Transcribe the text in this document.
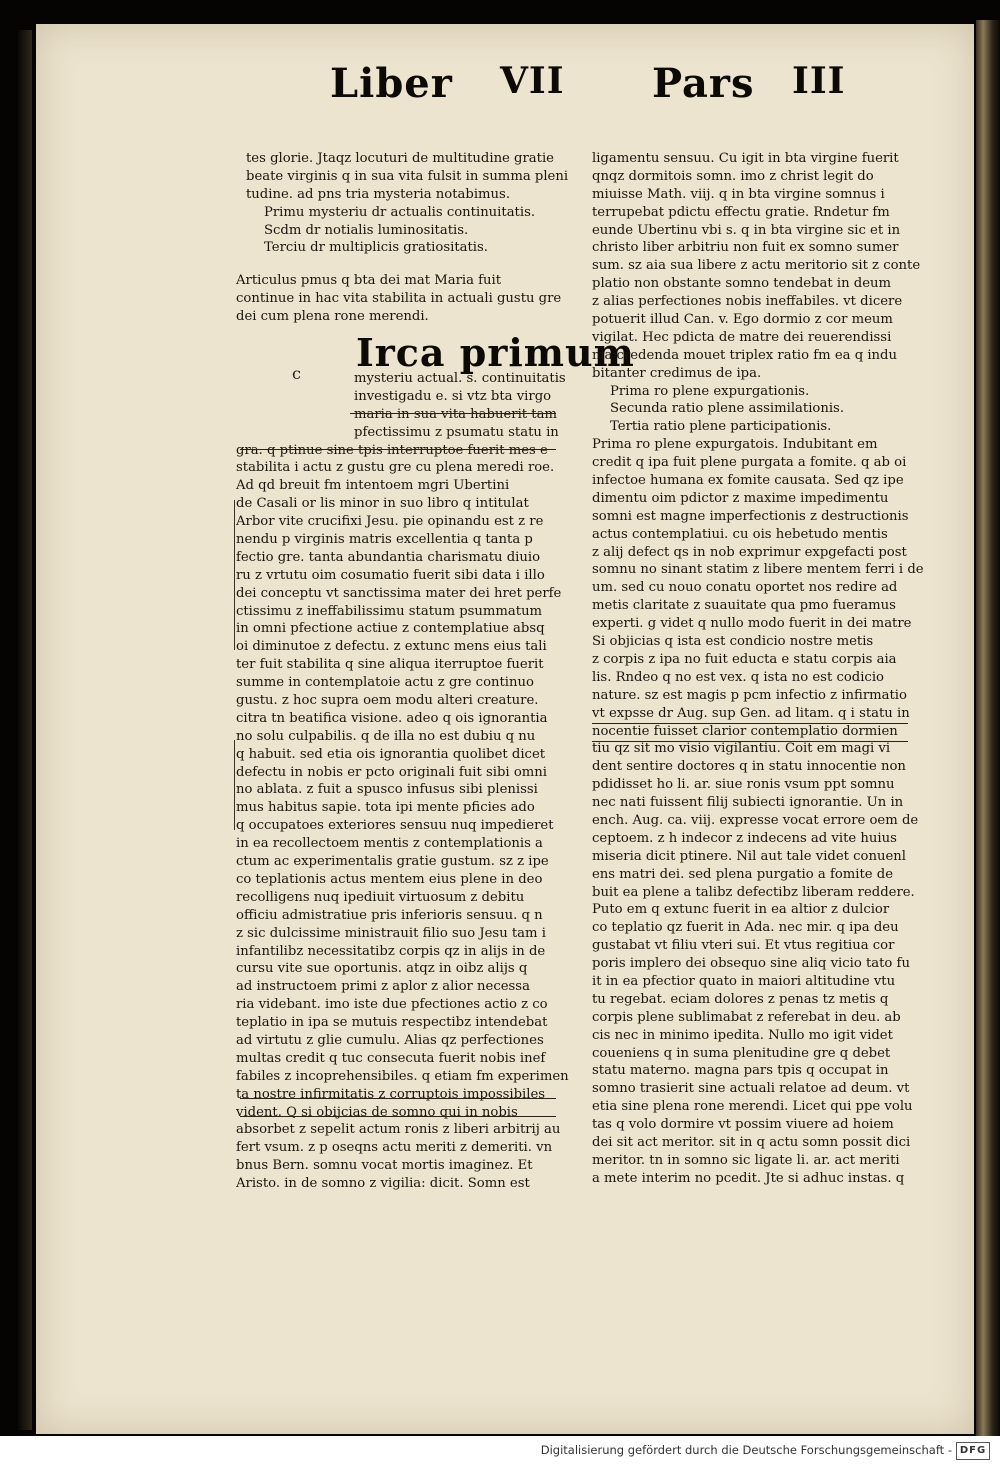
Liber VII Pars III
tes glorie. Jtaqz locuturi de multitudine gratie
beate virginis q in sua vita fulsit in summa pleni
tudine. ad pns tria mysteria notabimus.
Primu mysteriu dr actualis continuitatis.
Scdm dr notialis luminositatis.
Terciu dr multiplicis gratiositatis.
Articulus pmus q bta dei mat Maria fuit
continue in hac vita stabilita in actuali gustu gre
dei cum plena rone merendi.
Irca primum
c	mysteriu actual. s. continuitatis
investigadu e. si vtz bta virgo
maria in sua vita habuerit tam
pfectissimu z psumatu statu in
gra. q ptinue sine tpis interruptoe fuerit mes e
stabilita i actu z gustu gre cu plena meredi roe.
Ad qd breuit fm intentoem mgri Ubertini
de Casali or lis minor in suo libro q intitulat
Arbor vite crucifixi Jesu. pie opinandu est z re
nendu p virginis matris excellentia q tanta p
fectio gre. tanta abundantia charismatu diuio
ru z vrtutu oim cosumatio fuerit sibi data i illo
dei conceptu vt sanctissima mater dei hret perfe
ctissimu z ineffabilissimu statum psummatum
in omni pfectione actiue z contemplatiue absq
oi diminutoe z defectu. z extunc mens eius tali
ter fuit stabilita q sine aliqua iterruptoe fuerit
summe in contemplatoie actu z gre continuo
gustu. z hoc supra oem modu alteri creature.
citra tn beatifica visione. adeo q ois ignorantia
no solu culpabilis. q de illa no est dubiu q nu
q habuit. sed etia ois ignorantia quolibet dicet
defectu in nobis er pcto originali fuit sibi omni
no ablata. z fuit a spusco infusus sibi plenissi
mus habitus sapie. tota ipi mente pficies ado
q occupatoes exteriores sensuu nuq impedieret
in ea recollectoem mentis z contemplationis a
ctum ac experimentalis gratie gustum. sz z ipe
co teplationis actus mentem eius plene in deo
recolligens nuq ipediuit virtuosum z debitu
officiu admistratiue pris inferioris sensuu. q n
z sic dulcissime ministrauit filio suo Jesu tam i
infantilibz necessitatibz corpis qz in alijs in de
cursu vite sue oportunis. atqz in oibz alijs q
ad instructoem primi z aplor z alior necessa
ria videbant. imo iste due pfectiones actio z co
teplatio in ipa se mutuis respectibz intendebat
ad virtutu z glie cumulu. Alias qz perfectiones
multas credit q tuc consecuta fuerit nobis inef
fabiles z incoprehensibiles. q etiam fm experimen
ta nostre infirmitatis z corruptois impossibiles
vident. Q si obijcias de somno qui in nobis
absorbet z sepelit actum ronis z liberi arbitrij au
fert vsum. z p oseqns actu meriti z demeriti. vn
bnus Bern. somnu vocat mortis imaginez. Et
Aristo. in de somno z vigilia: dicit. Somn est
ligamentu sensuu. Cu igit in bta virgine fuerit
qnqz dormitois somn. imo z christ legit do
miuisse Math. viij. q in bta virgine somnus i
terrupebat pdictu effectu gratie. Rndetur fm
eunde Ubertinu vbi s. q in bta virgine sic et in
christo liber arbitriu non fuit ex somno sumer
sum. sz aia sua libere z actu meritorio sit z conte
platio non obstante somno tendebat in deum
z alias perfectiones nobis ineffabiles. vt dicere
potuerit illud Can. v. Ego dormio z cor meum
vigilat. Hec pdicta de matre dei reuerendissi
ma credenda mouet triplex ratio fm ea q indu
bitanter credimus de ipa.
Prima ro plene expurgationis.
Secunda ratio plene assimilationis.
Tertia ratio plene participationis.
Prima ro plene expurgatois. Indubitant em
credit q ipa fuit plene purgata a fomite. q ab oi
infectoe humana ex fomite causata. Sed qz ipe
dimentu oim pdictor z maxime impedimentu
somni est magne imperfectionis z destructionis
actus contemplatiui. cu ois hebetudo mentis
z alij defect qs in nob exprimur expgefacti post
somnu no sinant statim z libere mentem ferri i de
um. sed cu nouo conatu oportet nos redire ad
metis claritate z suauitate qua pmo fueramus
experti. g videt q nullo modo fuerit in dei matre
Si objicias q ista est condicio nostre metis
z corpis z ipa no fuit educta e statu corpis aia
lis. Rndeo q no est vex. q ista no est codicio
nature. sz est magis p pcm infectio z infirmatio
vt expsse dr Aug. sup Gen. ad litam. q i statu in
nocentie fuisset clarior contemplatio dormien
tiu qz sit mo visio vigilantiu. Coit em magi vi
dent sentire doctores q in statu innocentie non
pdidisset ho li. ar. siue ronis vsum ppt somnu
nec nati fuissent filij subiecti ignorantie. Un in
ench. Aug. ca. viij. expresse vocat errore oem de
ceptoem. z h indecor z indecens ad vite huius
miseria dicit ptinere. Nil aut tale videt conuenl
ens matri dei. sed plena purgatio a fomite de
buit ea plene a talibz defectibz liberam reddere.
Puto em q extunc fuerit in ea altior z dulcior
co teplatio qz fuerit in Ada. nec mir. q ipa deu
gustabat vt filiu vteri sui. Et vtus regitiua cor
poris implero dei obsequo sine aliq vicio tato fu
it in ea pfectior quato in maiori altitudine vtu
tu regebat. eciam dolores z penas tz metis q
corpis plene sublimabat z referebat in deu. ab
cis nec in minimo ipedita. Nullo mo igit videt
coueniens q in suma plenitudine gre q debet
statu materno. magna pars tpis q occupat in
somno trasierit sine actuali relatoe ad deum. vt
etia sine plena rone merendi. Licet qui ppe volu
tas q volo dormire vt possim viuere ad hoiem
dei sit act meritor. sit in q actu somn possit dici
meritor. tn in somno sic ligate li. ar. act meriti
a mete interim no pcedit. Jte si adhuc instas. q
Digitalisierung gefördert durch die Deutsche Forschungsgemeinschaft - DFG
